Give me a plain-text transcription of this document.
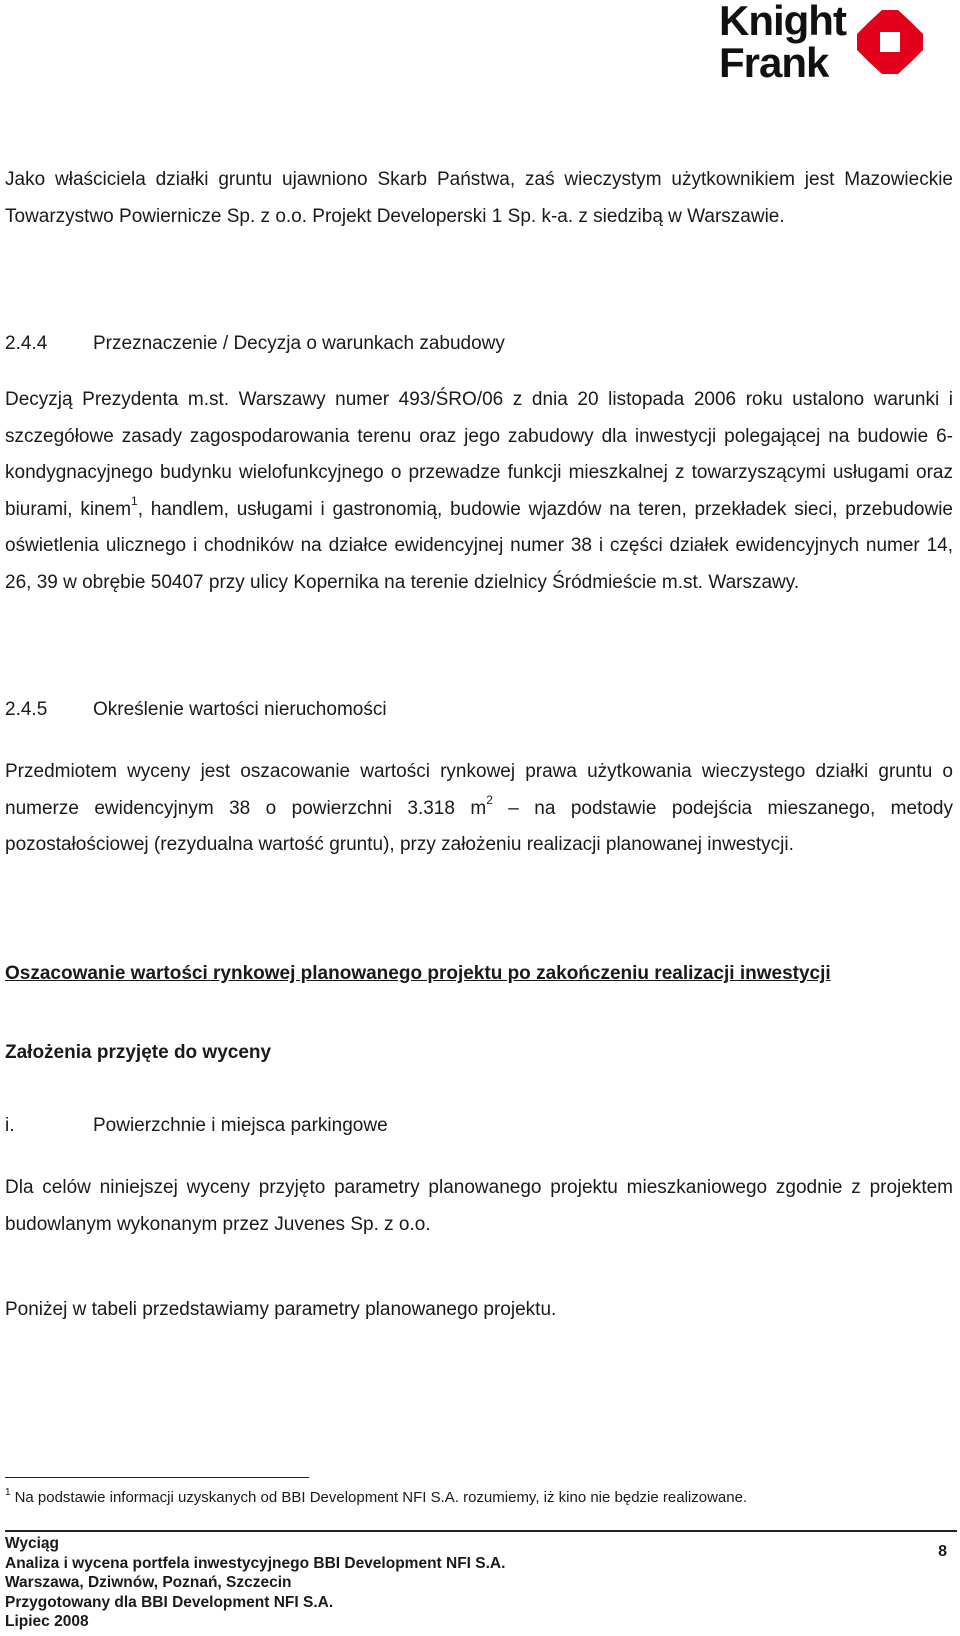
Knight
Frank

Jako właściciela działki gruntu ujawniono Skarb Państwa, zaś wieczystym użytkownikiem jest Mazowieckie Towarzystwo Powiernicze Sp. z o.o. Projekt Developerski 1 Sp. k-a. z siedzibą w Warszawie.

2.4.4 Przeznaczenie / Decyzja o warunkach zabudowy

Decyzją Prezydenta m.st. Warszawy numer 493/ŚRO/06 z dnia 20 listopada 2006 roku ustalono warunki i szczegółowe zasady zagospodarowania terenu oraz jego zabudowy dla inwestycji polegającej na budowie 6-kondygnacyjnego budynku wielofunkcyjnego o przewadze funkcji mieszkalnej z towarzyszącymi usługami oraz biurami, kinem$^1$, handlem, usługami i gastronomią, budowie wjazdów na teren, przekładek sieci, przebudowie oświetlenia ulicznego i chodników na działce ewidencyjnej numer 38 i części działek ewidencyjnych numer 14, 26, 39 w obrębie 50407 przy ulicy Kopernika na terenie dzielnicy Śródmieście m.st. Warszawy.

2.4.5 Określenie wartości nieruchomości

Przedmiotem wyceny jest oszacowanie wartości rynkowej prawa użytkowania wieczystego działki gruntu o numerze ewidencyjnym 38 o powierzchni 3.318 $m^2$ – na podstawie podejścia mieszanego, metody pozostałościowej (rezydualna wartość gruntu), przy założeniu realizacji planowanej inwestycji.

Oszacowanie wartości rynkowej planowanego projektu po zakończeniu realizacji inwestycji

Założenia przyjęte do wyceny

i.	Powierzchnie i miejsca parkingowe

Dla celów niniejszej wyceny przyjęto parametry planowanego projektu mieszkaniowego zgodnie z projektem budowlanym wykonanym przez Juvenes Sp. z o.o.

Poniżej w tabeli przedstawiamy parametry planowanego projektu.

$^1$ Na podstawie informacji uzyskanych od BBI Development NFI S.A. rozumiemy, iż kino nie będzie realizowane.
Wyciąg
Analiza i wycena portfela inwestycyjnego BBI Development NFI S.A.
Warszawa, Dziwnów, Poznań, Szczecin
Przygotowany dla BBI Development NFI S.A.
Lipiec 2008
8
